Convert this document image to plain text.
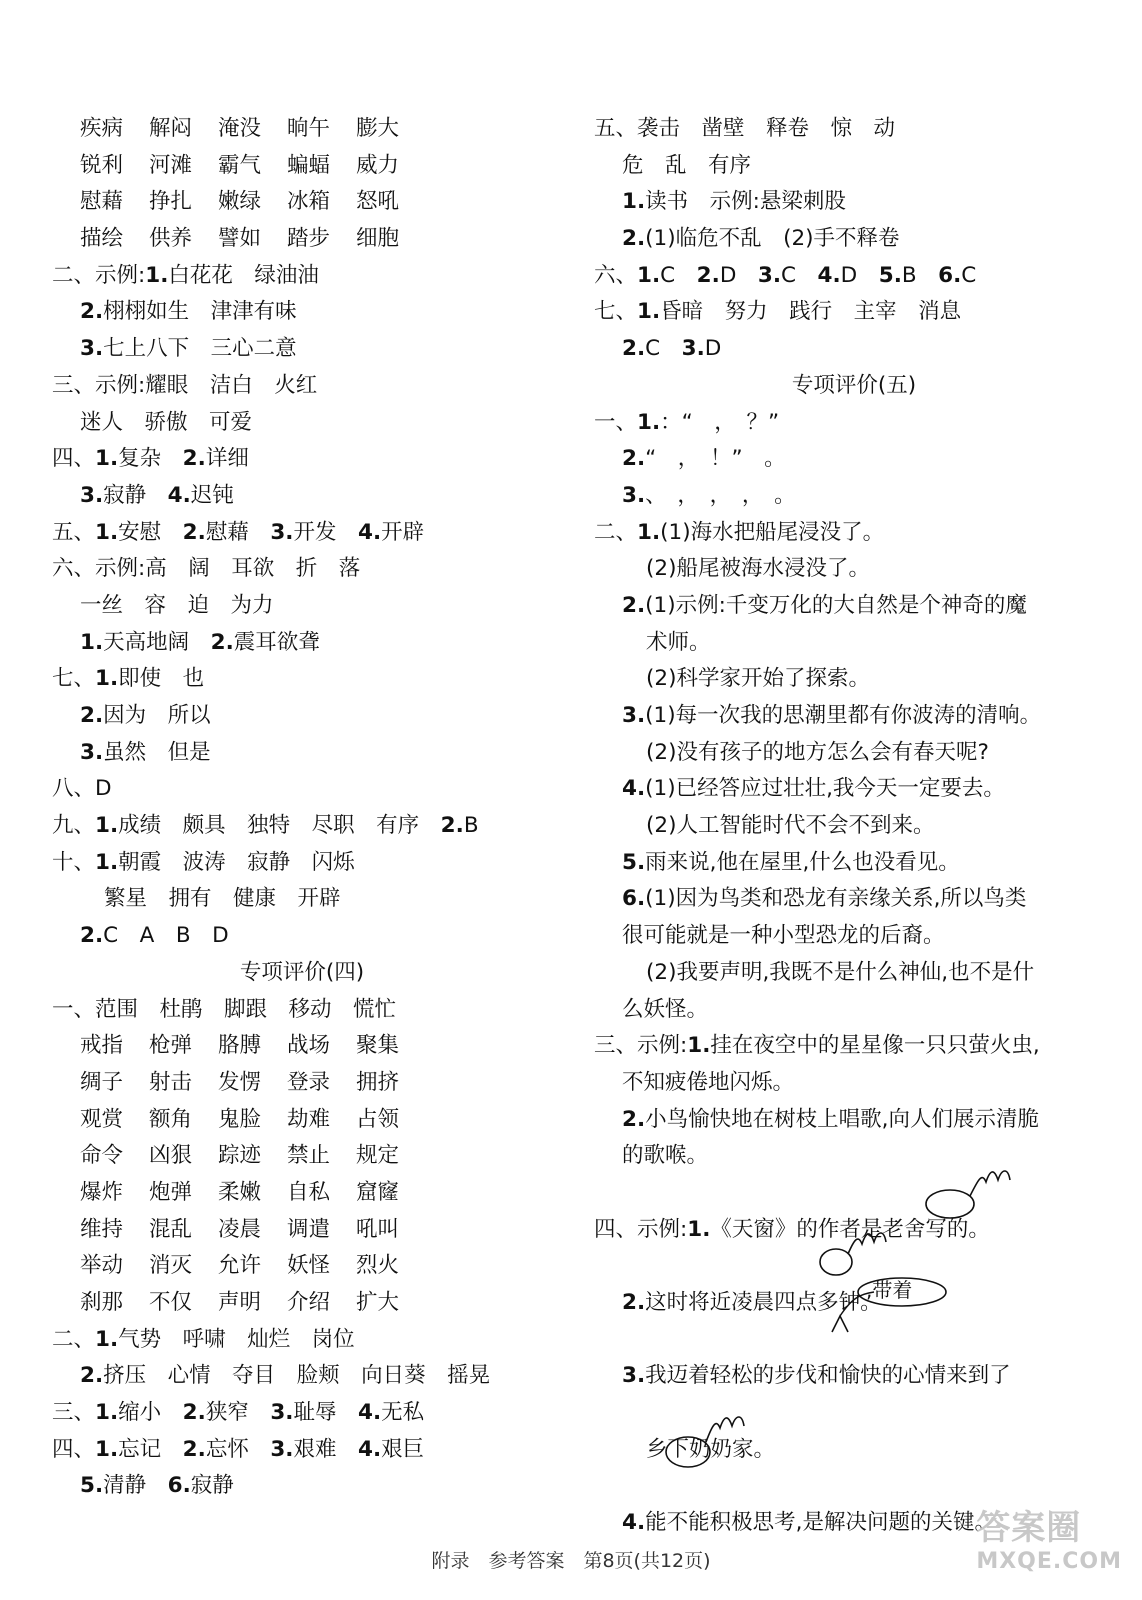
疾病 解闷 淹没 晌午 膨大
锐利 河滩 霸气 蝙蝠 威力
慰藉 挣扎 嫩绿 冰箱 怒吼
描绘 供养 譬如 踏步 细胞
二、示例:1.白花花　绿油油
2.栩栩如生　津津有味
3.七上八下　三心二意
三、示例:耀眼　洁白　火红
迷人　骄傲　可爱
四、1.复杂　2.详细
3.寂静　4.迟钝
五、1.安慰　2.慰藉　3.开发　4.开辟
六、示例:高　阔　耳欲　折　落
一丝　容　迫　为力
1.天高地阔　2.震耳欲聋
七、1.即使　也
2.因为　所以
3.虽然　但是
八、D
九、1.成绩　颇具　独特　尽职　有序　2.B
十、1.朝霞　波涛　寂静　闪烁
繁星　拥有　健康　开辟
2.C　A　B　D
专项评价(四)
一、范围　杜鹃　脚跟　移动　慌忙
戒指 枪弹 胳膊 战场 聚集
绸子 射击 发愣 登录 拥挤
观赏 额角 鬼脸 劫难 占领
命令 凶狠 踪迹 禁止 规定
爆炸 炮弹 柔嫩 自私 窟窿
维持 混乱 凌晨 调遣 吼叫
举动 消灭 允许 妖怪 烈火
刹那 不仅 声明 介绍 扩大
二、1.气势　呼啸　灿烂　岗位
2.挤压　心情　夺目　脸颊　向日葵　摇晃
三、1.缩小　2.狭窄　3.耻辱　4.无私
四、1.忘记　2.忘怀　3.艰难　4.艰巨
5.清静　6.寂静
五、袭击　凿壁　释卷　惊　动
危　乱　有序
1.读书　示例:悬梁刺股
2.(1)临危不乱　(2)手不释卷
六、1.C　2.D　3.C　4.D　5.B　6.C
七、1.昏暗　努力　践行　主宰　消息
2.C　3.D
专项评价(五)
一、1.：“　，　？”
2.“　，　！”　。
3.、　，　，　，　。
二、1.(1)海水把船尾浸没了。
(2)船尾被海水浸没了。
2.(1)示例:千变万化的大自然是个神奇的魔
术师。
(2)科学家开始了探索。
3.(1)每一次我的思潮里都有你波涛的清响。
(2)没有孩子的地方怎么会有春天呢?
4.(1)已经答应过壮壮,我今天一定要去。
(2)人工智能时代不会不到来。
5.雨来说,他在屋里,什么也没看见。
6.(1)因为鸟类和恐龙有亲缘关系,所以鸟类
很可能就是一种小型恐龙的后裔。
(2)我要声明,我既不是什么神仙,也不是什
么妖怪。
三、示例:1.挂在夜空中的星星像一只只萤火虫,
不知疲倦地闪烁。
2.小鸟愉快地在树枝上唱歌,向人们展示清脆
的歌喉。
四、示例:1.《天窗》的作者是老舍写的。
2.这时将近凌晨四点多钟。
3.我迈着轻松的步伐和愉快的心情来到了
乡下奶奶家。
4.能不能积极思考,是解决问题的关键。
,带着
附录　参考答案　第8页(共12页)
答案圈
MXQE.COM
